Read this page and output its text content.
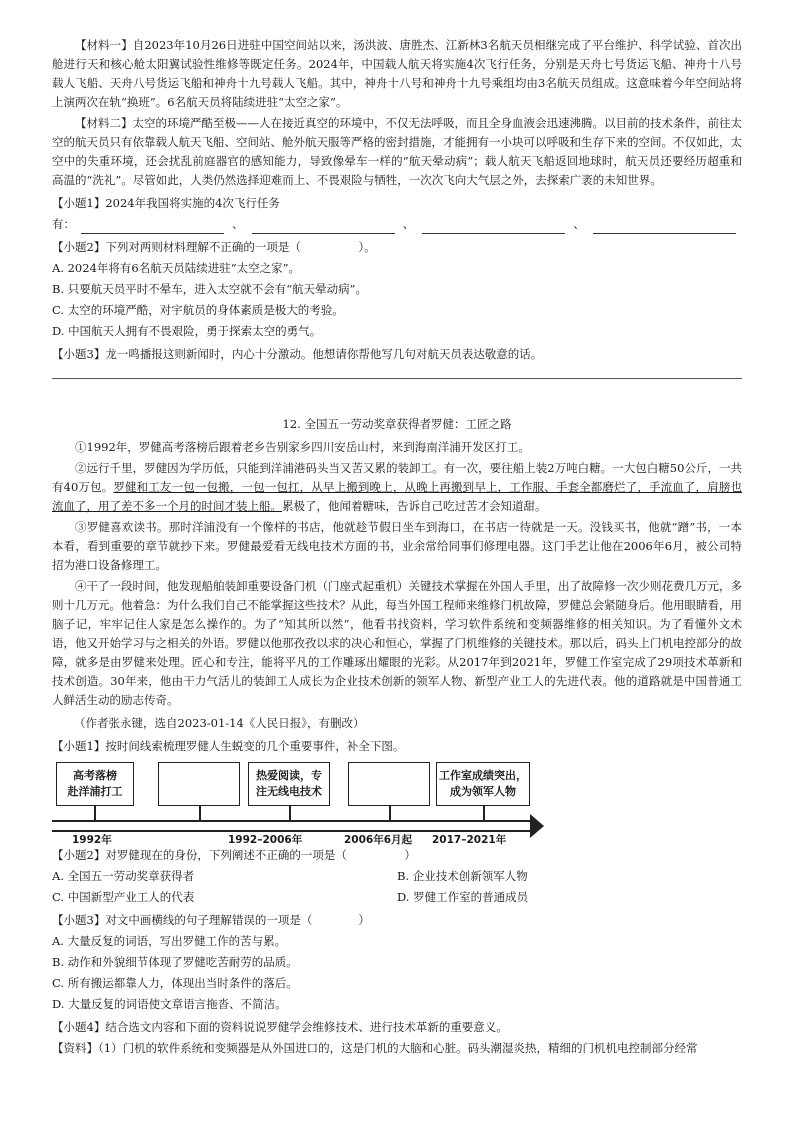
【材料一】自2023年10月26日进驻中国空间站以来，汤洪波、唐胜杰、江新林3名航天员相继完成了平台维护、科学试验、首次出舱进行天和核心舱太阳翼试验性维修等既定任务。2024年，中国载人航天将实施4次飞行任务，分别是天舟七号货运飞船、神舟十八号载人飞船、天舟八号货运飞船和神舟十九号载人飞船。其中，神舟十八号和神舟十九号乘组均由3名航天员组成。这意味着今年空间站将上演两次在轨“换班”。6名航天员将陆续进驻“太空之家”。

【材料二】太空的环境严酷至极——人在接近真空的环境中，不仅无法呼吸，而且全身血液会迅速沸腾。以目前的技术条件，前往太空的航天员只有依靠载人航天飞船、空间站、舱外航天服等严格的密封措施，才能拥有一小块可以呼吸和生存下来的空间。不仅如此，太空中的失重环境，还会扰乱前庭器官的感知能力，导致像晕车一样的“航天晕动病”；载人航天飞船返回地球时，航天员还要经历超重和高温的“洗礼”。尽管如此，人类仍然选择迎难而上、不畏艰险与牺牲，一次次飞向大气层之外，去探索广袤的未知世界。

【小题1】2024年我国将实施的4次飞行任务

有：	、	、	、

【小题2】下列对两则材料理解不正确的一项是（　　　　　）。

A. 2024年将有6名航天员陆续进驻“太空之家”。

B. 只要航天员平时不晕车，进入太空就不会有“航天晕动病”。

C. 太空的环境严酷，对宇航员的身体素质是极大的考验。

D. 中国航天人拥有不畏艰险，勇于探索太空的勇气。

【小题3】龙一鸣播报这则新闻时，内心十分激动。他想请你帮他写几句对航天员表达敬意的话。

12. 全国五一劳动奖章获得者罗健：工匠之路

①1992年，罗健高考落榜后跟着老乡告别家乡四川安岳山村，来到海南洋浦开发区打工。

②远行千里，罗健因为学历低，只能到洋浦港码头当又苦又累的装卸工。有一次，要往船上装2万吨白糖。一大包白糖50公斤，一共有40万包。罗健和工友一包一包搬，一包一包扛，从早上搬到晚上，从晚上再搬到早上，工作服、手套全都磨烂了，手流血了，肩膀也流血了，用了差不多一个月的时间才装上船。累极了，他闻着糖味，告诉自己吃过苦才会知道甜。

③罗健喜欢读书。那时洋浦没有一个像样的书店，他就趁节假日坐车到海口，在书店一待就是一天。没钱买书，他就“蹭”书，一本本看，看到重要的章节就抄下来。罗健最爱看无线电技术方面的书，业余常给同事们修理电器。这门手艺让他在2006年6月，被公司特招为港口设备修理工。

④干了一段时间，他发现船舶装卸重要设备门机（门座式起重机）关键技术掌握在外国人手里，出了故障修一次少则花费几万元，多则十几万元。他着急：为什么我们自己不能掌握这些技术？从此，每当外国工程师来维修门机故障，罗健总会紧随身后。他用眼睛看，用脑子记，牢牢记住人家是怎么操作的。为了“知其所以然”，他看书找资料，学习软件系统和变频器维修的相关知识。为了看懂外文术语，他又开始学习与之相关的外语。罗健以他那孜孜以求的决心和恒心，掌握了门机维修的关键技术。那以后，码头上门机电控部分的故障，就多是由罗健来处理。匠心和专注，能将平凡的工作雕琢出耀眼的光彩。从2017年到2021年，罗健工作室完成了29项技术革新和技术创造。30年来，他由干力气活儿的装卸工人成长为企业技术创新的领军人物、新型产业工人的先进代表。他的道路就是中国普通工人鲜活生动的励志传奇。

（作者张永键，选自2023-01-14《人民日报》，有删改）

【小题1】按时间线索梳理罗健人生蜕变的几个重要事件，补全下图。

高考落榜
赴洋浦打工
热爱阅读，专
注无线电技术
工作室成绩突出，
成为领军人物
1992年	1992–2006年	2006年6月起 2017–2021年

【小题2】对罗健现在的身份，下列阐述不正确的一项是（　　　　　）

A. 全国五一劳动奖章获得者	B. 企业技术创新领军人物
C. 中国新型产业工人的代表	D. 罗健工作室的普通成员

【小题3】对文中画横线的句子理解错误的一项是（　　　　）

A. 大量反复的词语，写出罗健工作的苦与累。

B. 动作和外貌细节体现了罗健吃苦耐劳的品质。

C. 所有搬运都靠人力，体现出当时条件的落后。

D. 大量反复的词语使文章语言拖沓、不简洁。

【小题4】结合选文内容和下面的资料说说罗健学会维修技术、进行技术革新的重要意义。

【资料】（1）门机的软件系统和变频器是从外国进口的，这是门机的大脑和心脏。码头潮湿炎热，精细的门机机电控制部分经常
